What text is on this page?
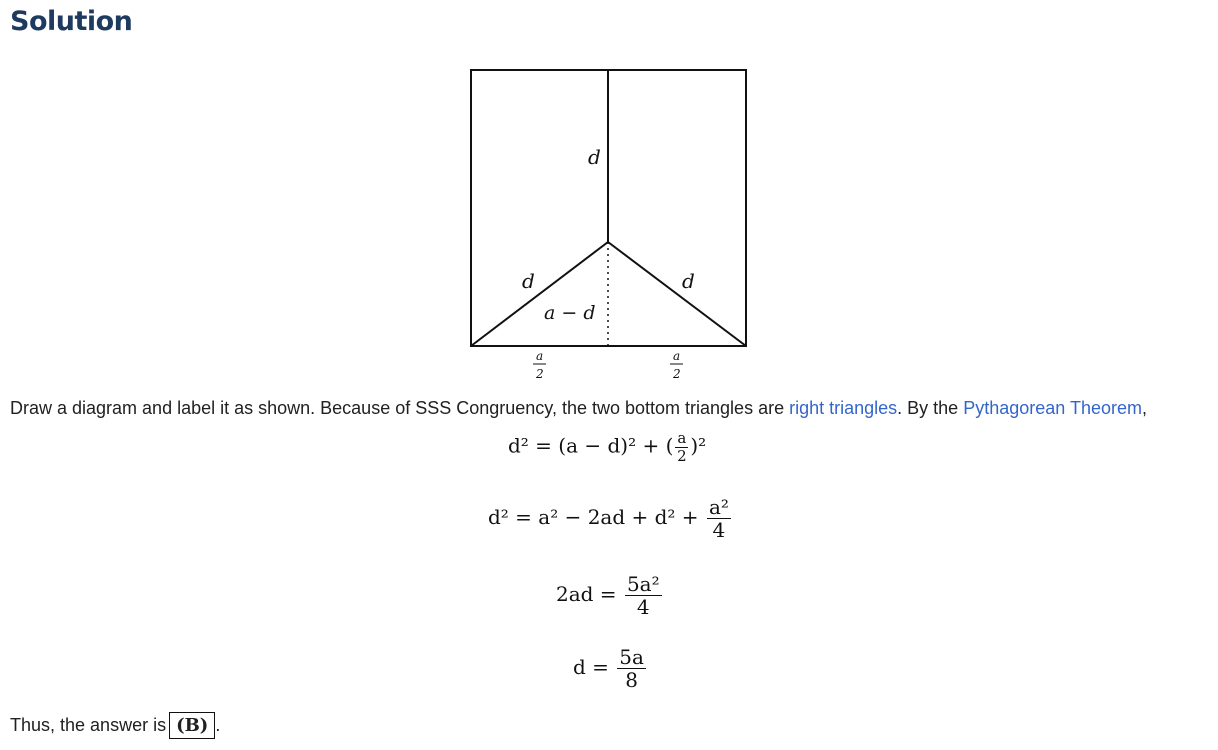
Solution
d
d	d
a − d
a
2
a
2
Draw a diagram and label it as shown. Because of SSS Congruency, the two bottom triangles are right triangles. By the Pythagorean Theorem,
d² = (a − d)² + ( $\frac{a}{2} )^2$
$d^2 = a^2 - 2ad + d^2 + \frac{\text{a²}}{4}$
$2ad = \frac{\text{5a²}}{4}$
$d = \frac{5a}{8}$
Thus, the answer is (B) .
